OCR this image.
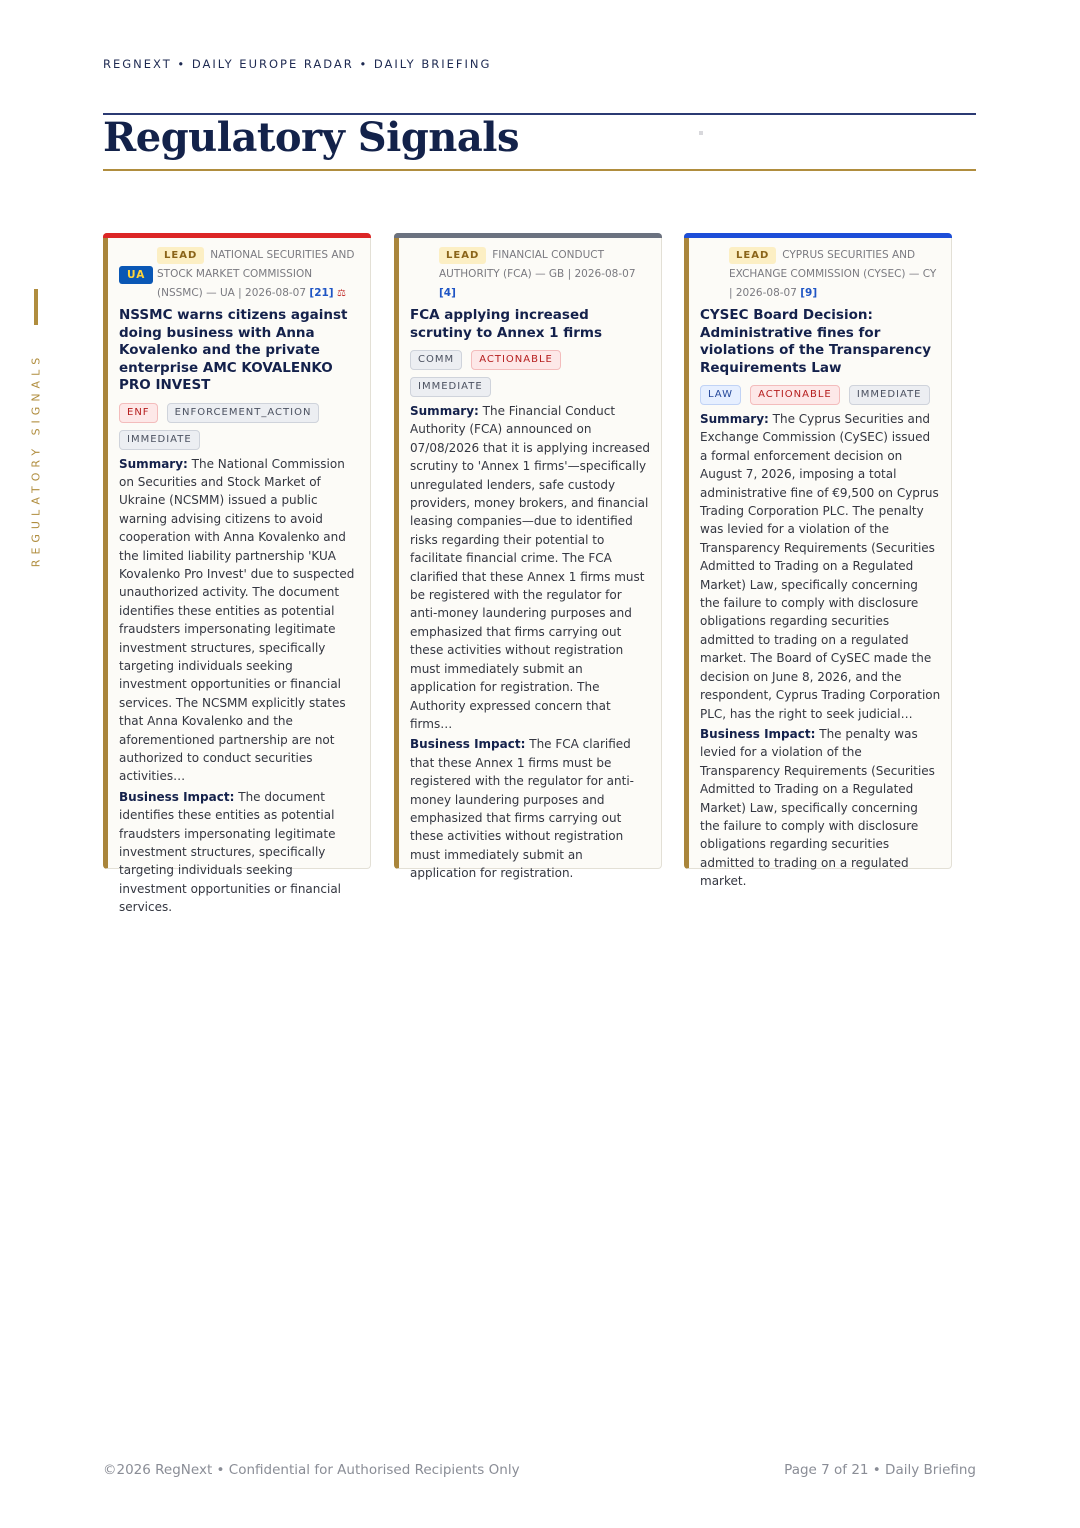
REGNEXT • DAILY EUROPE RADAR • DAILY BRIEFING
Regulatory Signals
REGULATORY SIGNALS
UA
LEAD NATIONAL SECURITIES AND STOCK MARKET COMMISSION (NSSMC) — UA | 2026-08-07 [21] ⚖
NSSMC warns citizens against doing business with Anna Kovalenko and the private enterprise AMC KOVALENKO PRO INVEST
ENF	ENFORCEMENT_ACTION IMMEDIATE
Summary: The National Commission on Securities and Stock Market of Ukraine (NCSMM) issued a public warning advising citizens to avoid cooperation with Anna Kovalenko and the limited liability partnership 'KUA Kovalenko Pro Invest' due to suspected unauthorized activity. The document identifies these entities as potential fraudsters impersonating legitimate investment structures, specifically targeting individuals seeking investment opportunities or financial services. The NCSMM explicitly states that Anna Kovalenko and the aforementioned partnership are not authorized to conduct securities activities…
Business Impact: The document identifies these entities as potential fraudsters impersonating legitimate investment structures, specifically targeting individuals seeking investment opportunities or financial services.
LEAD FINANCIAL CONDUCT AUTHORITY (FCA) — GB | 2026-08-07 [4]
FCA applying increased scrutiny to Annex 1 firms
COMM	ACTIONABLE IMMEDIATE
Summary: The Financial Conduct Authority (FCA) announced on 07/08/2026 that it is applying increased scrutiny to 'Annex 1 firms'—specifically unregulated lenders, safe custody providers, money brokers, and financial leasing companies—due to identified risks regarding their potential to facilitate financial crime. The FCA clarified that these Annex 1 firms must be registered with the regulator for anti-money laundering purposes and emphasized that firms carrying out these activities without registration must immediately submit an application for registration. The Authority expressed concern that firms…
Business Impact: The FCA clarified that these Annex 1 firms must be registered with the regulator for anti-money laundering purposes and emphasized that firms carrying out these activities without registration must immediately submit an application for registration.
LEAD CYPRUS SECURITIES AND EXCHANGE COMMISSION (CYSEC) — CY | 2026-08-07 [9]
CYSEC Board Decision: Administrative fines for violations of the Transparency Requirements Law
LAW	ACTIONABLE	IMMEDIATE
Summary: The Cyprus Securities and Exchange Commission (CySEC) issued a formal enforcement decision on August 7, 2026, imposing a total administrative fine of €9,500 on Cyprus Trading Corporation PLC. The penalty was levied for a violation of the Transparency Requirements (Securities Admitted to Trading on a Regulated Market) Law, specifically concerning the failure to comply with disclosure obligations regarding securities admitted to trading on a regulated market. The Board of CySEC made the decision on June 8, 2026, and the respondent, Cyprus Trading Corporation PLC, has the right to seek judicial…
Business Impact: The penalty was levied for a violation of the Transparency Requirements (Securities Admitted to Trading on a Regulated Market) Law, specifically concerning the failure to comply with disclosure obligations regarding securities admitted to trading on a regulated market.
©2026 RegNext • Confidential for Authorised Recipients Only	Page 7 of 21 • Daily Briefing
